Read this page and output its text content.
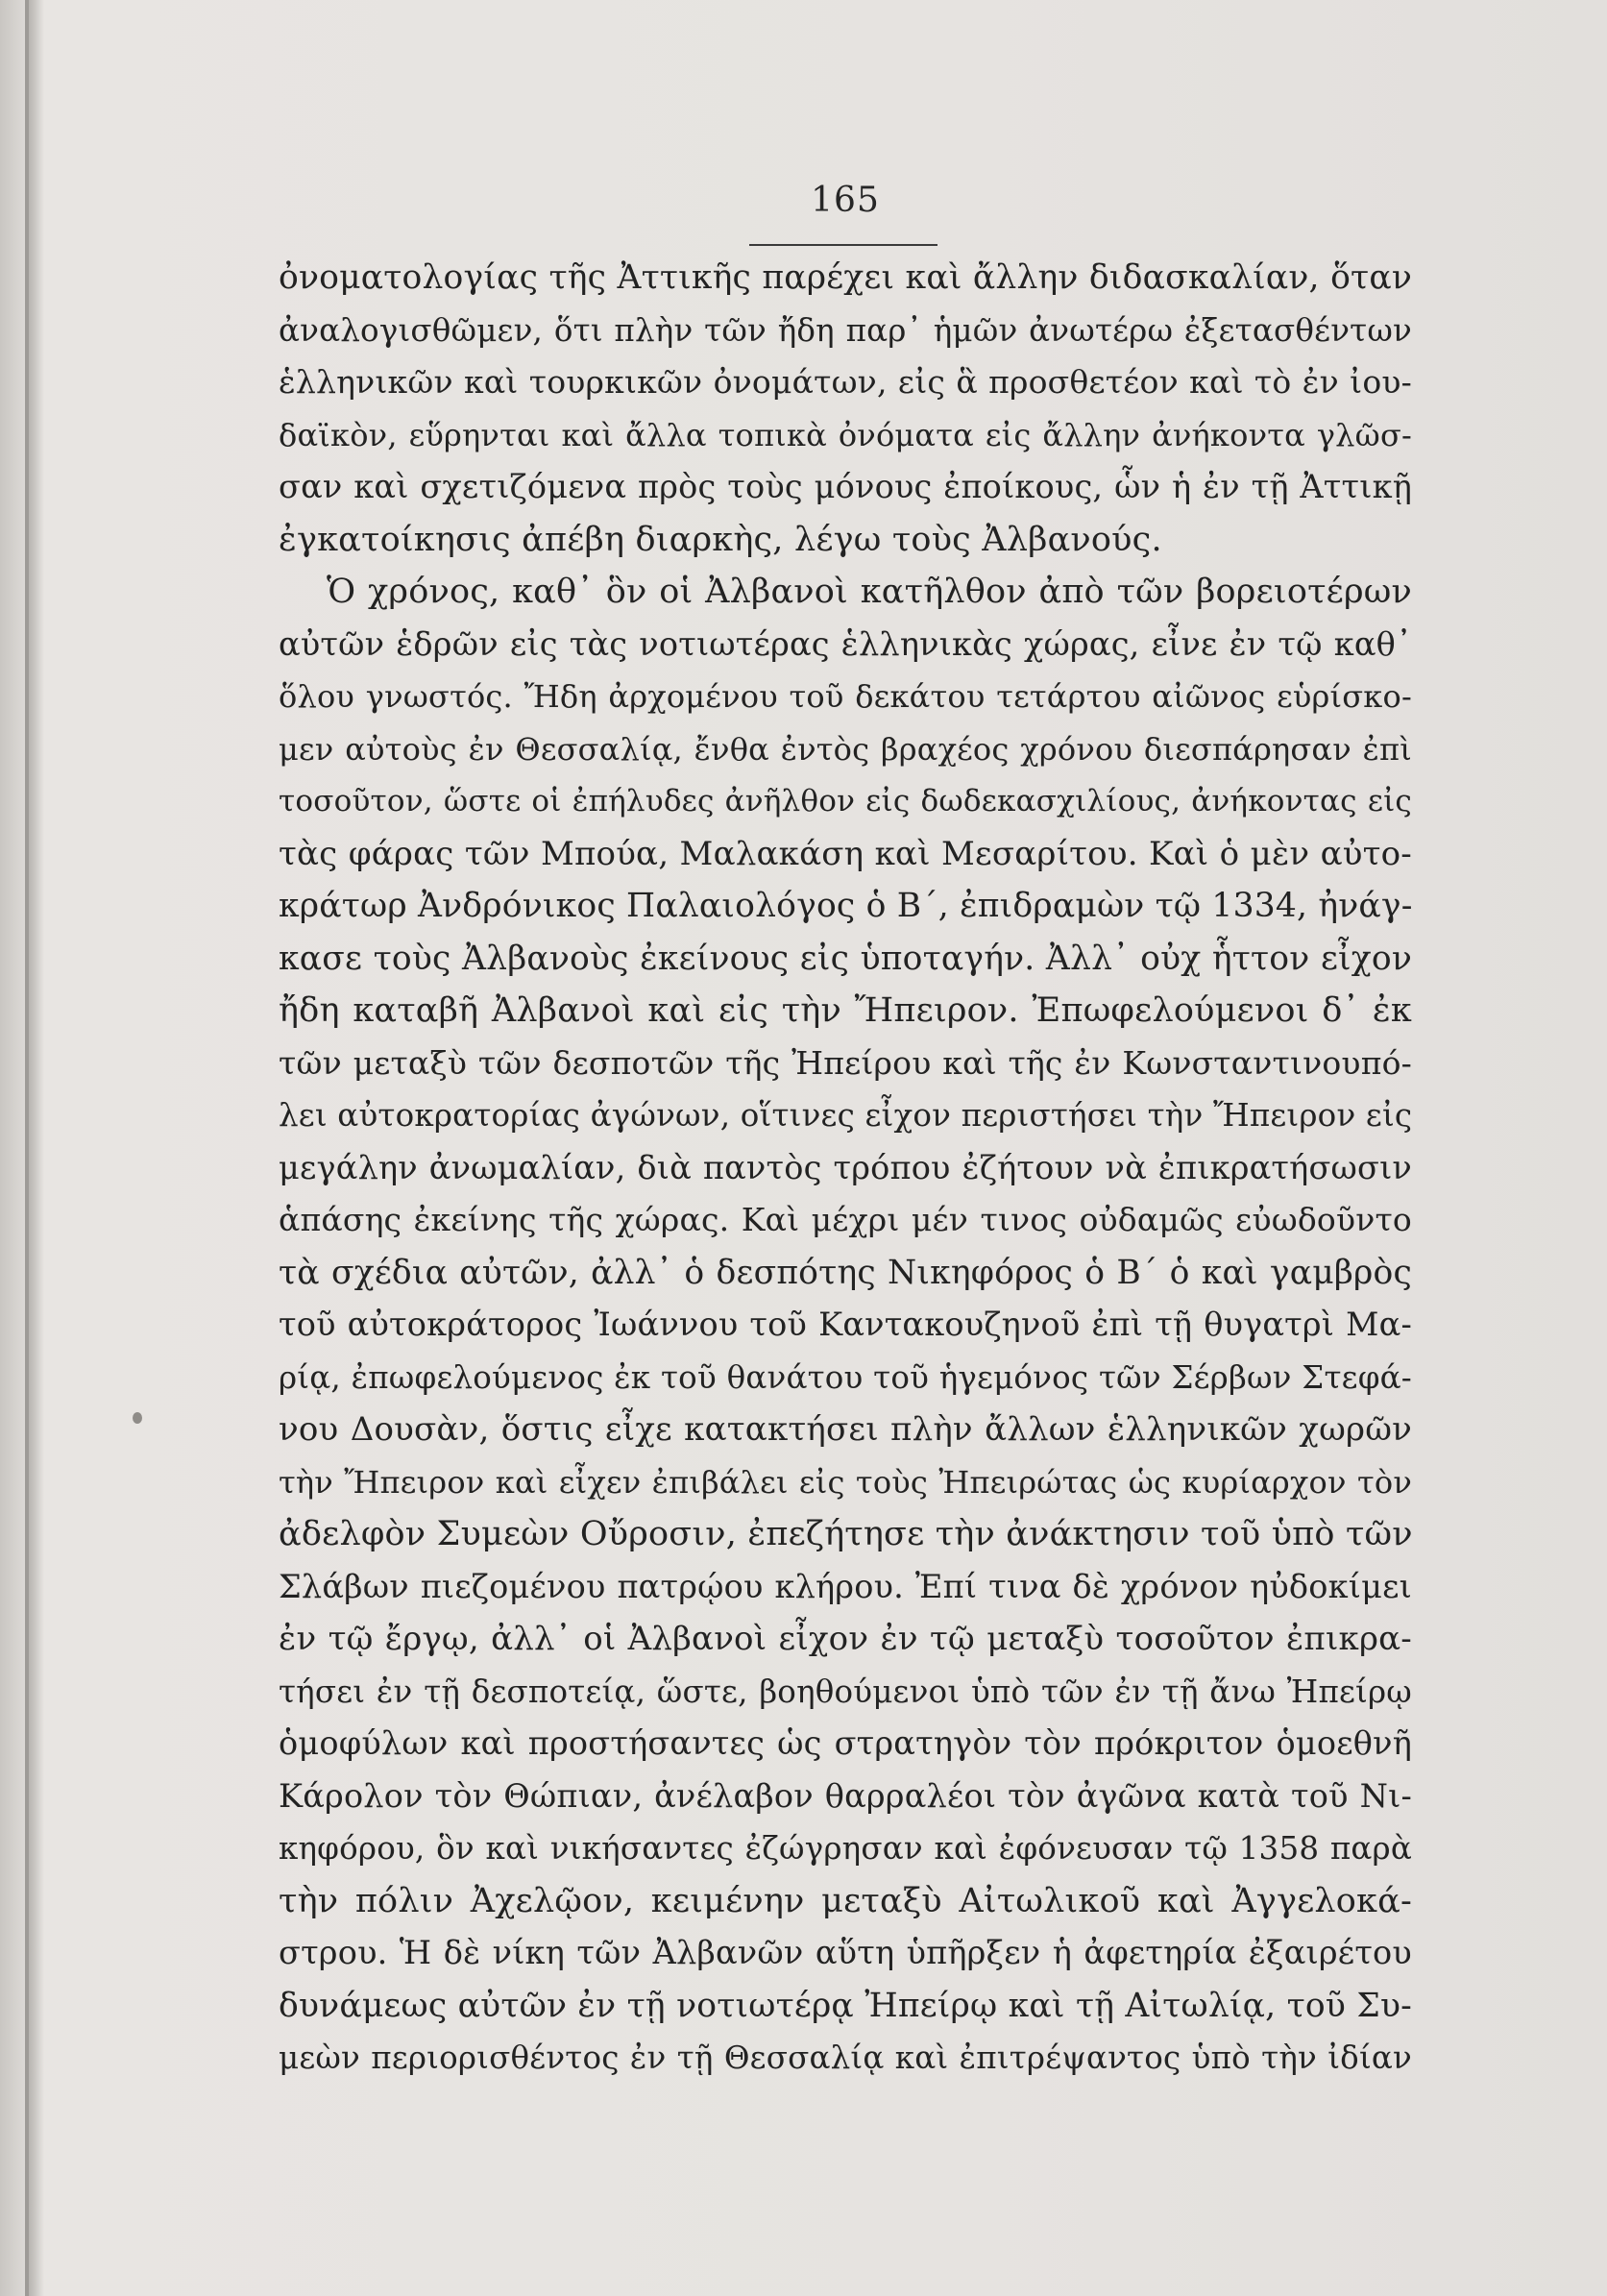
165
ὀνοματολογίας τῆς Ἀττικῆς παρέχει καὶ ἄλλην διδασκαλίαν, ὅταν
ἀναλογισθῶμεν, ὅτι πλὴν τῶν ἤδη παρ᾽ ἡμῶν ἀνωτέρω ἐξετασθέντων
ἑλληνικῶν καὶ τουρκικῶν ὀνομάτων, εἰς ἃ προσθετέον καὶ τὸ ἐν ἰου-
δαϊκὸν, εὕρηνται καὶ ἄλλα τοπικὰ ὀνόματα εἰς ἄλλην ἀνήκοντα γλῶσ-
σαν καὶ σχετιζόμενα πρὸς τοὺς μόνους ἐποίκους, ὧν ἡ ἐν τῇ Ἀττικῇ
ἐγκατοίκησις ἀπέβη διαρκὴς, λέγω τοὺς Ἀλβανούς.
Ὁ χρόνος, καθ᾽ ὃν οἱ Ἀλβανοὶ κατῆλθον ἀπὸ τῶν βορειοτέρων
αὐτῶν ἑδρῶν εἰς τὰς νοτιωτέρας ἑλληνικὰς χώρας, εἶνε ἐν τῷ καθ᾽
ὅλου γνωστός. Ἤδη ἀρχομένου τοῦ δεκάτου τετάρτου αἰῶνος εὑρίσκο-
μεν αὐτοὺς ἐν Θεσσαλίᾳ, ἔνθα ἐντὸς βραχέος χρόνου διεσπάρησαν ἐπὶ
τοσοῦτον, ὥστε οἱ ἐπήλυδες ἀνῆλθον εἰς δωδεκασχιλίους, ἀνήκοντας εἰς
τὰς φάρας τῶν Μπούα, Μαλακάση καὶ Μεσαρίτου. Καὶ ὁ μὲν αὐτο-
κράτωρ Ἀνδρόνικος Παλαιολόγος ὁ Β΄, ἐπιδραμὼν τῷ 1334, ἠνάγ-
κασε τοὺς Ἀλβανοὺς ἐκείνους εἰς ὑποταγήν. Ἀλλ᾽ οὐχ ἧττον εἶχον
ἤδη καταβῆ Ἀλβανοὶ καὶ εἰς τὴν Ἤπειρον. Ἐπωφελούμενοι δ᾽ ἐκ
τῶν μεταξὺ τῶν δεσποτῶν τῆς Ἠπείρου καὶ τῆς ἐν Κωνσταντινουπό-
λει αὐτοκρατορίας ἀγώνων, οἵτινες εἶχον περιστήσει τὴν Ἤπειρον εἰς
μεγάλην ἀνωμαλίαν, διὰ παντὸς τρόπου ἐζήτουν νὰ ἐπικρατήσωσιν
ἁπάσης ἐκείνης τῆς χώρας. Καὶ μέχρι μέν τινος οὐδαμῶς εὐωδοῦντο
τὰ σχέδια αὐτῶν, ἀλλ᾽ ὁ δεσπότης Νικηφόρος ὁ Β΄ ὁ καὶ γαμβρὸς
τοῦ αὐτοκράτορος Ἰωάννου τοῦ Καντακουζηνοῦ ἐπὶ τῇ θυγατρὶ Μα-
ρίᾳ, ἐπωφελούμενος ἐκ τοῦ θανάτου τοῦ ἡγεμόνος τῶν Σέρβων Στεφά-
νου Δουσὰν, ὅστις εἶχε κατακτήσει πλὴν ἄλλων ἑλληνικῶν χωρῶν
τὴν Ἤπειρον καὶ εἶχεν ἐπιβάλει εἰς τοὺς Ἠπειρώτας ὡς κυρίαρχον τὸν
ἀδελφὸν Συμεὼν Οὔροσιν, ἐπεζήτησε τὴν ἀνάκτησιν τοῦ ὑπὸ τῶν
Σλάβων πιεζομένου πατρῴου κλήρου. Ἐπί τινα δὲ χρόνον ηὐδοκίμει
ἐν τῷ ἔργῳ, ἀλλ᾽ οἱ Ἀλβανοὶ εἶχον ἐν τῷ μεταξὺ τοσοῦτον ἐπικρα-
τήσει ἐν τῇ δεσποτείᾳ, ὥστε, βοηθούμενοι ὑπὸ τῶν ἐν τῇ ἄνω Ἠπείρῳ
ὁμοφύλων καὶ προστήσαντες ὡς στρατηγὸν τὸν πρόκριτον ὁμοεθνῆ
Κάρολον τὸν Θώπιαν, ἀνέλαβον θαρραλέοι τὸν ἀγῶνα κατὰ τοῦ Νι-
κηφόρου, ὃν καὶ νικήσαντες ἐζώγρησαν καὶ ἐφόνευσαν τῷ 1358 παρὰ
τὴν πόλιν Ἀχελῷον, κειμένην μεταξὺ Αἰτωλικοῦ καὶ Ἀγγελοκά-
στρου. Ἡ δὲ νίκη τῶν Ἀλβανῶν αὕτη ὑπῆρξεν ἡ ἀφετηρία ἐξαιρέτου
δυνάμεως αὐτῶν ἐν τῇ νοτιωτέρᾳ Ἠπείρῳ καὶ τῇ Αἰτωλίᾳ, τοῦ Συ-
μεὼν περιορισθέντος ἐν τῇ Θεσσαλίᾳ καὶ ἐπιτρέψαντος ὑπὸ τὴν ἰδίαν
